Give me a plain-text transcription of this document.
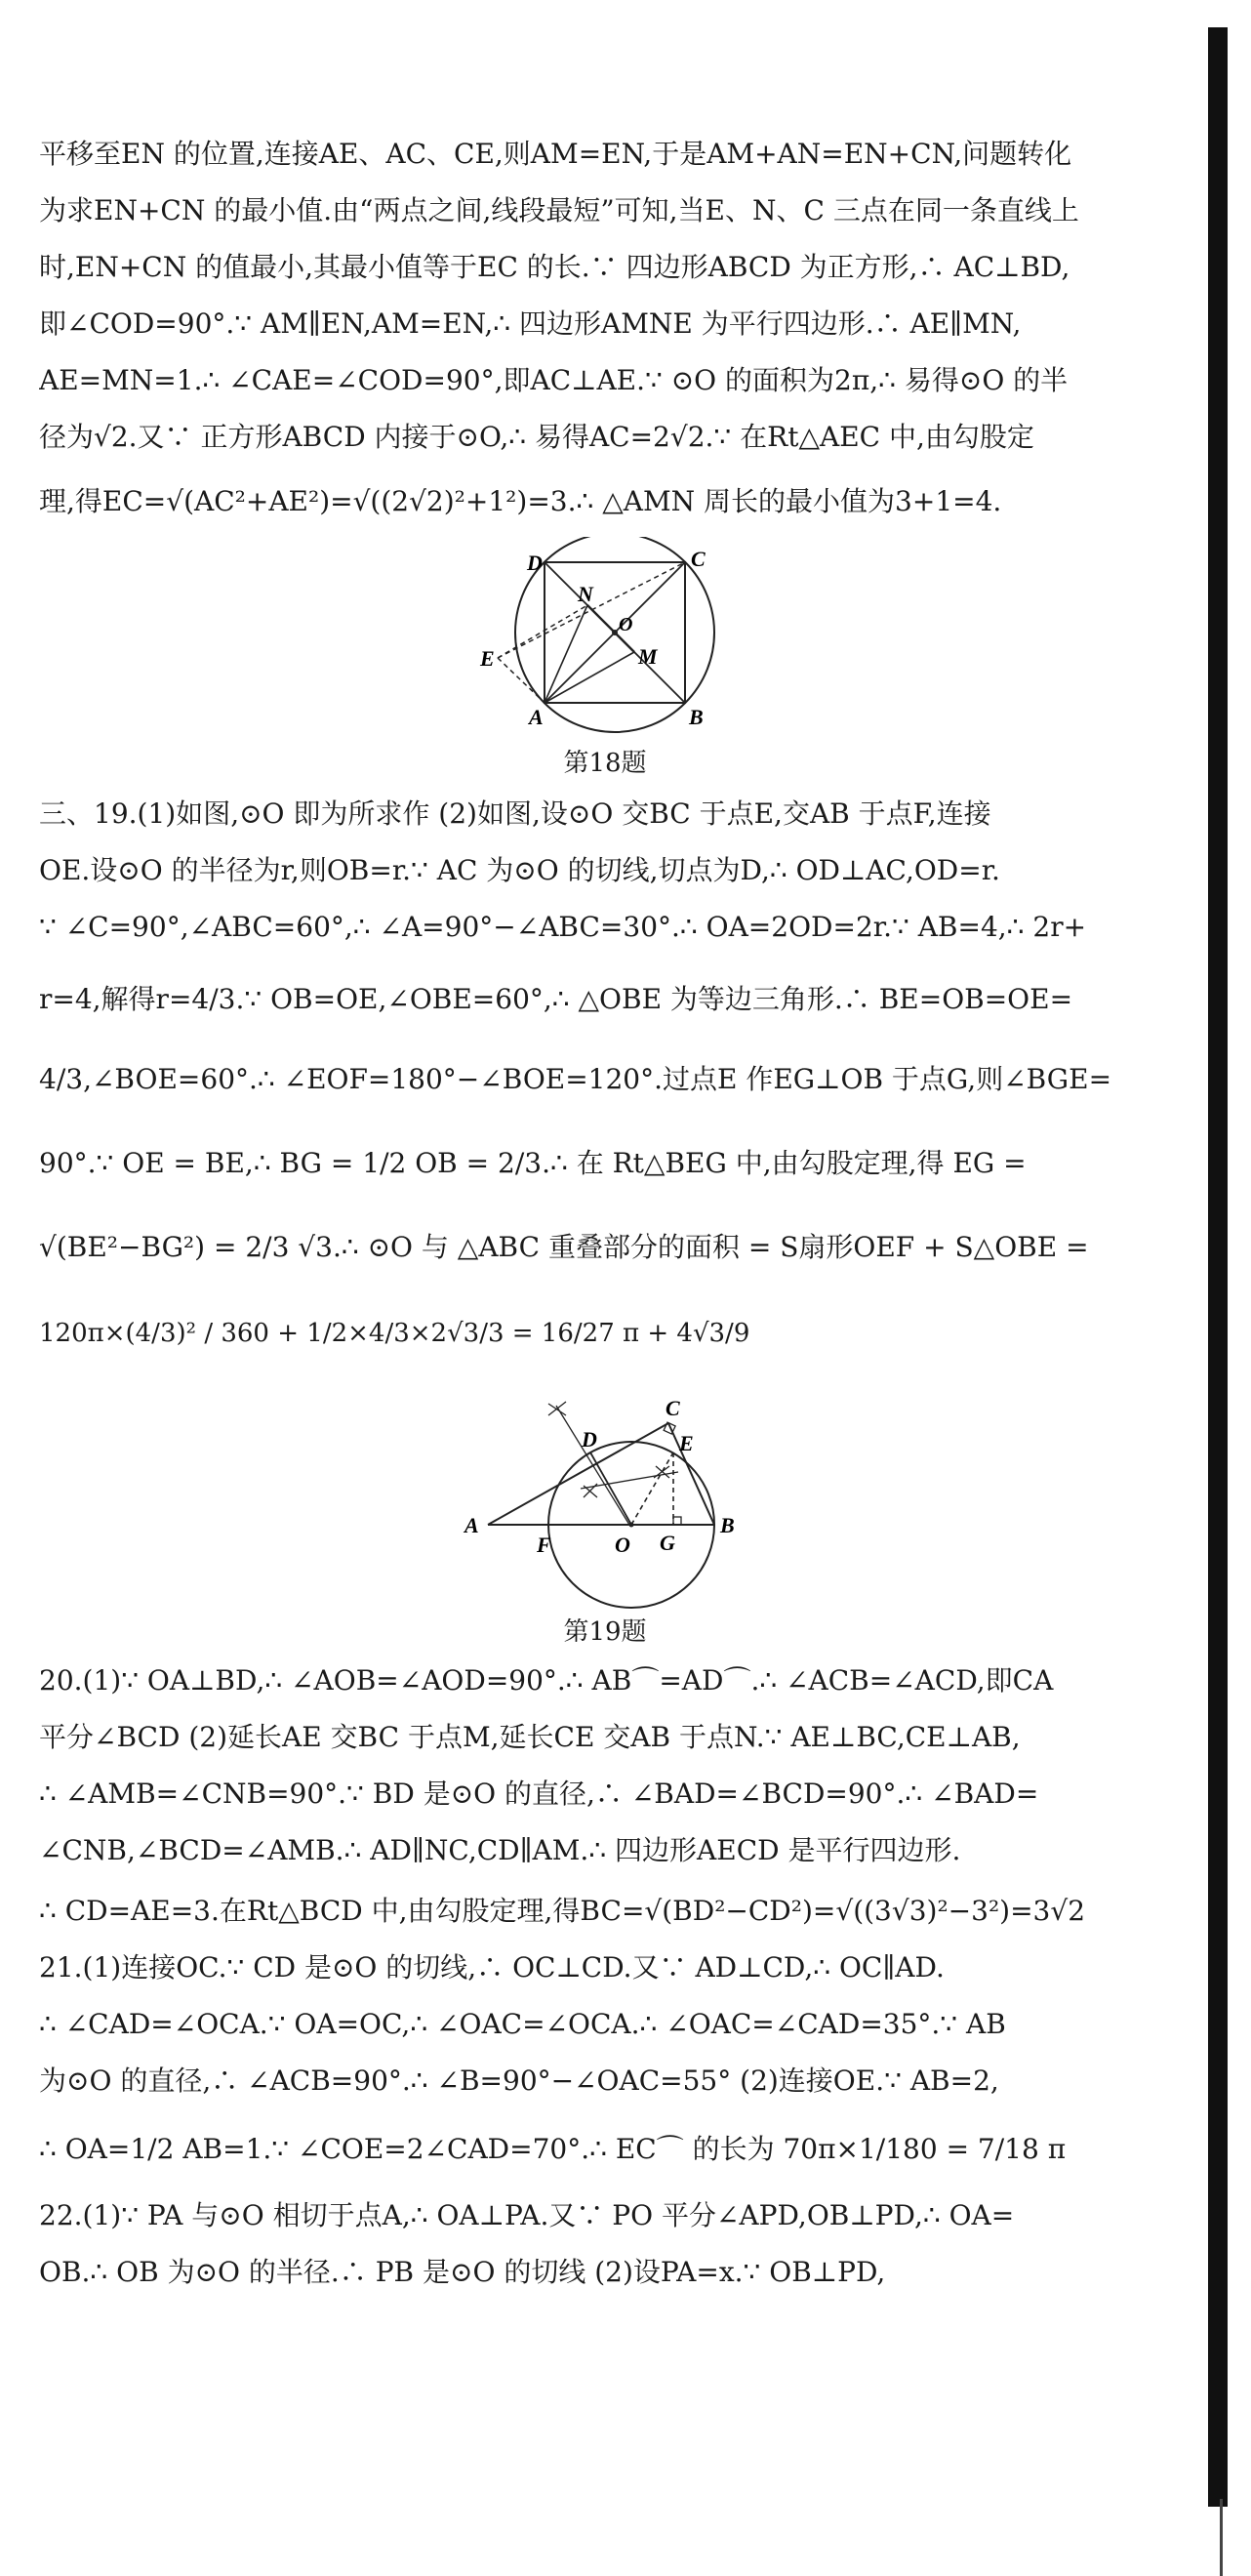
平移至EN 的位置,连接AE、AC、CE,则AM=EN,于是AM+AN=EN+CN,问题转化

为求EN+CN 的最小值.由“两点之间,线段最短”可知,当E、N、C 三点在同一条直线上

时,EN+CN 的值最小,其最小值等于EC 的长.∵ 四边形ABCD 为正方形,∴ AC⊥BD,

即∠COD=90°.∵ AM∥EN,AM=EN,∴ 四边形AMNE 为平行四边形.∴ AE∥MN,

AE=MN=1.∴ ∠CAE=∠COD=90°,即AC⊥AE.∵ ⊙O 的面积为2π,∴ 易得⊙O 的半

径为√2.又∵ 正方形ABCD 内接于⊙O,∴ 易得AC=2√2.∵ 在Rt△AEC 中,由勾股定

理,得EC=√(AC²+AE²)=√((2√2)²+1²)=3.∴ △AMN 周长的最小值为3+1=4.

D	C
E
A	B
N
O
M
第18题

三、19.(1)如图,⊙O 即为所求作 (2)如图,设⊙O 交BC 于点E,交AB 于点F,连接

OE.设⊙O 的半径为r,则OB=r.∵ AC 为⊙O 的切线,切点为D,∴ OD⊥AC,OD=r.

∵ ∠C=90°,∠ABC=60°,∴ ∠A=90°−∠ABC=30°.∴ OA=2OD=2r.∵ AB=4,∴ 2r+

r=4,解得r=4/3.∵ OB=OE,∠OBE=60°,∴ △OBE 为等边三角形.∴ BE=OB=OE=

4/3,∠BOE=60°.∴ ∠EOF=180°−∠BOE=120°.过点E 作EG⊥OB 于点G,则∠BGE=

90°.∵ OE = BE,∴ BG = 1/2 OB = 2/3.∴ 在 Rt△BEG 中,由勾股定理,得 EG =

√(BE²−BG²) = 2/3 √3.∴ ⊙O 与 △ABC 重叠部分的面积 = S扇形OEF + S△OBE =

120π×(4/3)² / 360 + 1/2×4/3×2√3/3 = 16/27 π + 4√3/9

A	B
C
D	E
F	O G
第19题

20.(1)∵ OA⊥BD,∴ ∠AOB=∠AOD=90°.∴ AB⌒=AD⌒.∴ ∠ACB=∠ACD,即CA

平分∠BCD (2)延长AE 交BC 于点M,延长CE 交AB 于点N.∵ AE⊥BC,CE⊥AB,

∴ ∠AMB=∠CNB=90°.∵ BD 是⊙O 的直径,∴ ∠BAD=∠BCD=90°.∴ ∠BAD=

∠CNB,∠BCD=∠AMB.∴ AD∥NC,CD∥AM.∴ 四边形AECD 是平行四边形.

∴ CD=AE=3.在Rt△BCD 中,由勾股定理,得BC=√(BD²−CD²)=√((3√3)²−3²)=3√2

21.(1)连接OC.∵ CD 是⊙O 的切线,∴ OC⊥CD.又∵ AD⊥CD,∴ OC∥AD.

∴ ∠CAD=∠OCA.∵ OA=OC,∴ ∠OAC=∠OCA.∴ ∠OAC=∠CAD=35°.∵ AB

为⊙O 的直径,∴ ∠ACB=90°.∴ ∠B=90°−∠OAC=55° (2)连接OE.∵ AB=2,

∴ OA=1/2 AB=1.∵ ∠COE=2∠CAD=70°.∴ EC⌒ 的长为 70π×1/180 = 7/18 π

22.(1)∵ PA 与⊙O 相切于点A,∴ OA⊥PA.又∵ PO 平分∠APD,OB⊥PD,∴ OA=

OB.∴ OB 为⊙O 的半径.∴ PB 是⊙O 的切线 (2)设PA=x.∵ OB⊥PD,
